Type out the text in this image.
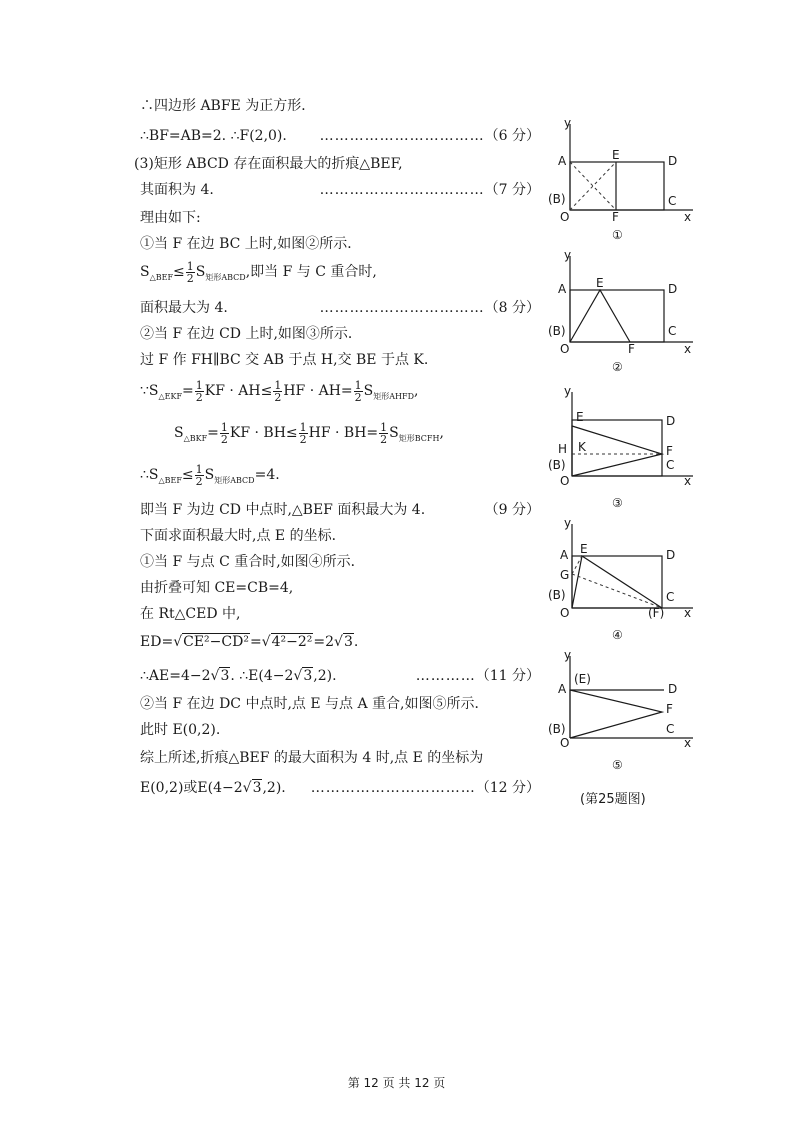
∴四边形 ABFE 为正方形．
∴BF=AB=2. ∴F(2,0). ……………………………（6 分）
(3)矩形 ABCD 存在面积最大的折痕△BEF,
其面积为 4.	……………………………（7 分）
理由如下:
①当 F 在边 BC 上时,如图②所示．
$S_{\triangle BEF}\le \frac{1}{2} S_{矩形ABCD}$,即当 F 与 C 重合时,
面积最大为 4.	……………………………（8 分）
②当 F 在边 CD 上时,如图③所示．
过 F 作 FH∥BC 交 AB 于点 H,交 BE 于点 K.
$\because S_{\triangle EKF}= \frac{1}{2}$ KF · $AH\le \frac{1}{2}$ HF · $AH= \frac{1}{2} S_{矩形AHFD}$,
$S_{\triangle BKF}= \frac{1}{2}$ KF · $BH\le \frac{1}{2}$ HF · $BH= \frac{1}{2} S_{矩形BCFH}$,
$\therefore S_{\triangle BEF}\le \frac{1}{2} S_{矩形ABCD}=4$.
即当 F 为边 CD 中点时,△BEF 面积最大为 4.	（9 分）
下面求面积最大时,点 E 的坐标．
①当 F 与点 C 重合时,如图④所示．
由折叠可知 CE=CB=4,
在 Rt△CED 中,
ED=√CE²−CD²=√4²−2²=2√3.
∴AE=4−2√3. ∴E(4−2√3,2).	…………（11 分）
②当 F 在边 DC 中点时,点 E 与点 A 重合,如图⑤所示．
此时 E(0,2).
综上所述,折痕△BEF 的最大面积为 4 时,点 E 的坐标为
E(0,2)或E(4−2√3,2). ……………………………（12 分）
y
x
A	E	D
(B)
O	F
C
①
y
x
A E	D
(B)
O	F
C
②
y
x
E	D
H K	F
(B)	C
O
③
y
x
A E	D
G
(B)	C
(F)
O
④
y
x
A
(E)
D
F
(B)	C
O
⑤
(第25题图)
第 12 页 共 12 页
